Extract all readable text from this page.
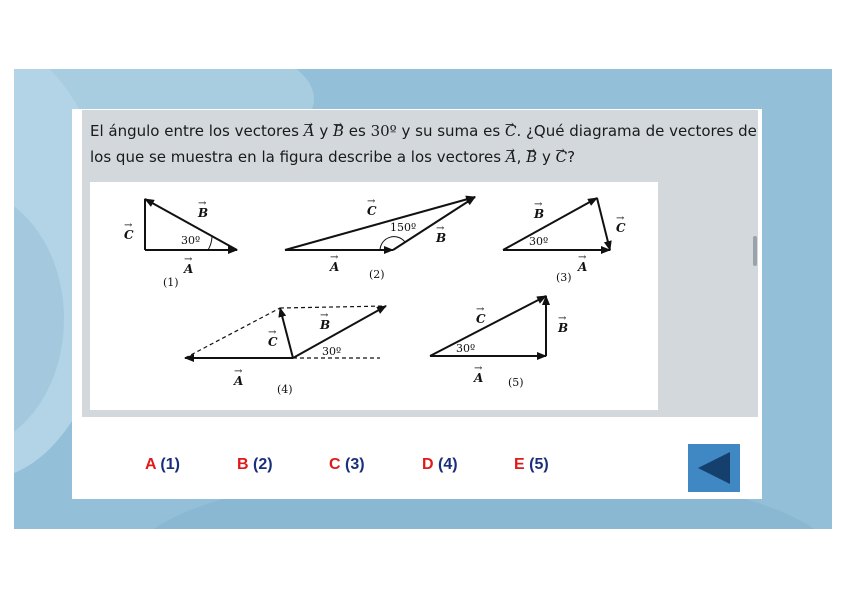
El ángulo entre los vectores → A y → B es 30º y su suma es → C. ¿Qué diagrama de vectores de los que se muestra en la figura describe a los vectores → A, → B y → C?
B
→
C
→
30º
A
→
(1)
C
→
150º
B
→
A
→
(2)
B
→
30º
C
→
A
→
(3)
B
→
C
→
30º
A
→
(4)
C
→
B
→
30º
A
→
(5)
A (1)	B (2)	C (3)	D (4)	E (5)
